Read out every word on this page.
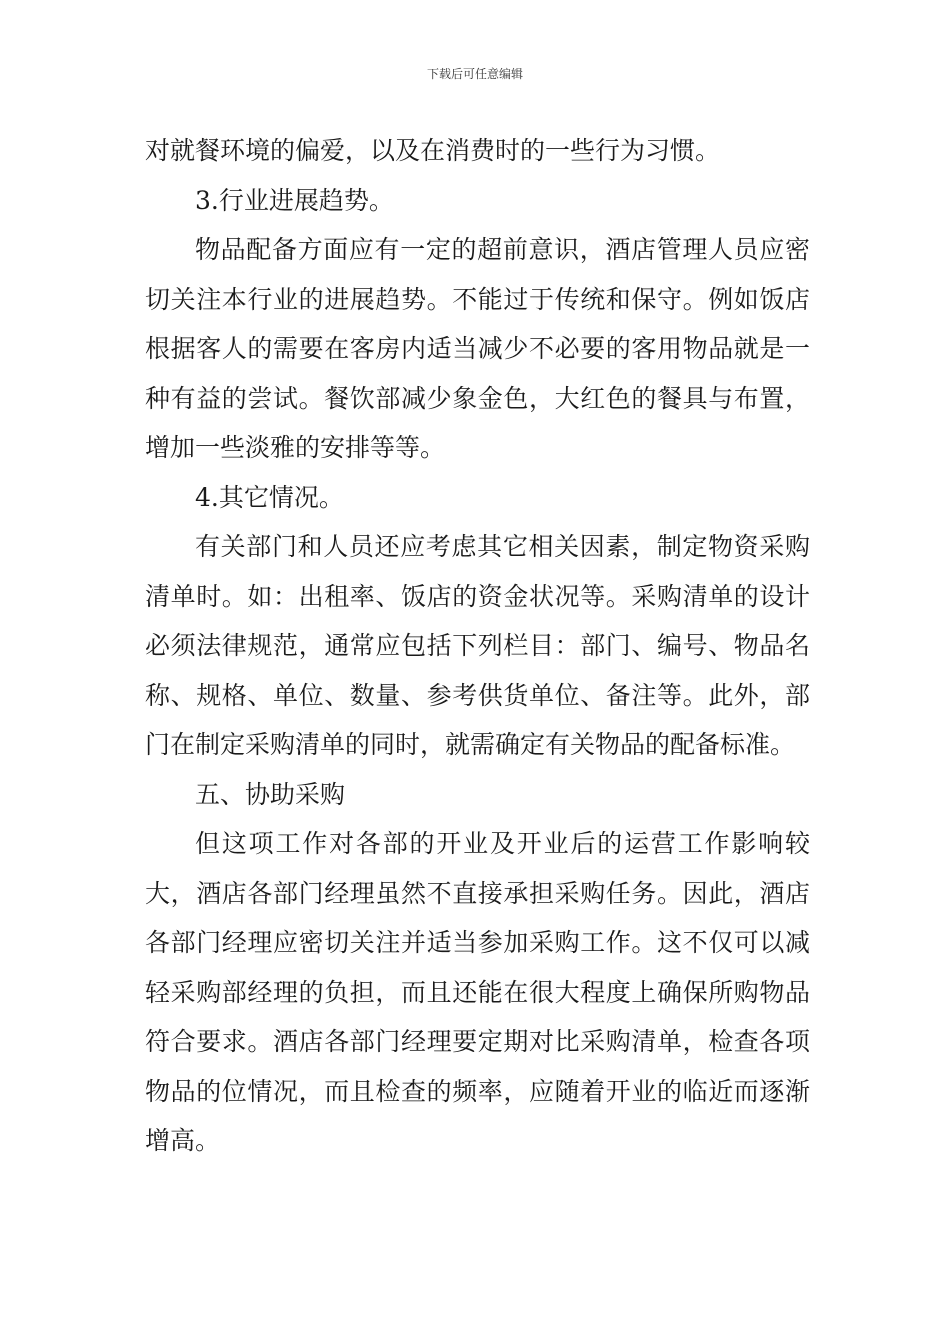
下载后可任意编辑

对就餐环境的偏爱，以及在消费时的一些行为习惯。

3.行业进展趋势。

物品配备方面应有一定的超前意识，酒店管理人员应密切关注本行业的进展趋势。不能过于传统和保守。例如饭店根据客人的需要在客房内适当减少不必要的客用物品就是一种有益的尝试。餐饮部减少象金色，大红色的餐具与布置，增加一些淡雅的安排等等。

4.其它情况。

有关部门和人员还应考虑其它相关因素，制定物资采购清单时。如：出租率、饭店的资金状况等。采购清单的设计必须法律规范，通常应包括下列栏目：部门、编号、物品名称、规格、单位、数量、参考供货单位、备注等。此外，部门在制定采购清单的同时，就需确定有关物品的配备标准。

五、协助采购

但这项工作对各部的开业及开业后的运营工作影响较大，酒店各部门经理虽然不直接承担采购任务。因此，酒店各部门经理应密切关注并适当参加采购工作。这不仅可以减轻采购部经理的负担，而且还能在很大程度上确保所购物品符合要求。酒店各部门经理要定期对比采购清单，检查各项物品的位情况，而且检查的频率，应随着开业的临近而逐渐增高。
